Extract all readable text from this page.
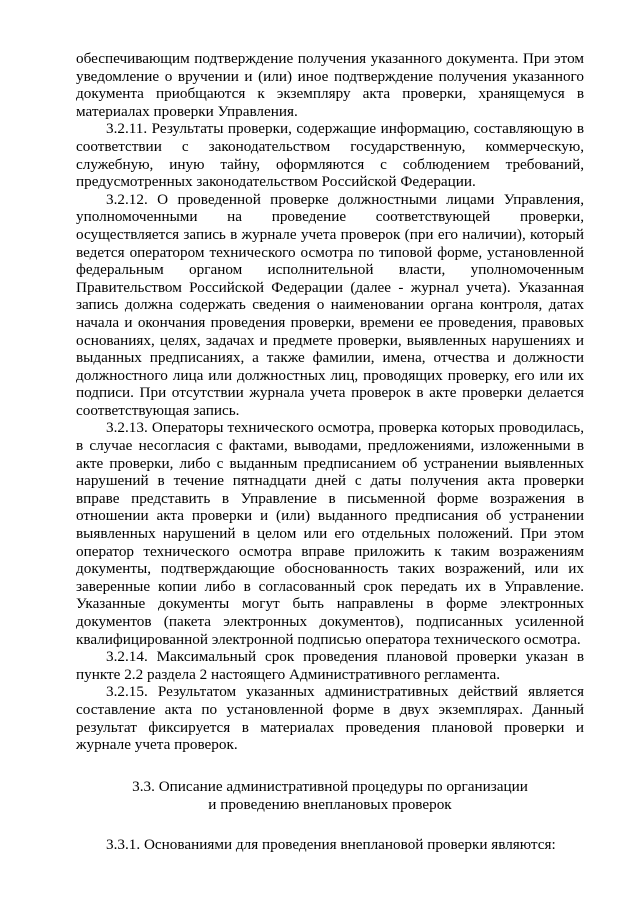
обеспечивающим подтверждение получения указанного документа. При этом уведомление о вручении и (или) иное подтверждение получения указанного документа приобщаются к экземпляру акта проверки, хранящемуся в материалах проверки Управления.

3.2.11. Результаты проверки, содержащие информацию, составляющую в соответствии с законодательством государственную, коммерческую, служебную, иную тайну, оформляются с соблюдением требований, предусмотренных законодательством Российской Федерации.

3.2.12. О проведенной проверке должностными лицами Управления, уполномоченными на проведение соответствующей проверки, осуществляется запись в журнале учета проверок (при его наличии), который ведется оператором технического осмотра по типовой форме, установленной федеральным органом исполнительной власти, уполномоченным Правительством Российской Федерации (далее - журнал учета). Указанная запись должна содержать сведения о наименовании органа контроля, датах начала и окончания проведения проверки, времени ее проведения, правовых основаниях, целях, задачах и предмете проверки, выявленных нарушениях и выданных предписаниях, а также фамилии, имена, отчества и должности должностного лица или должностных лиц, проводящих проверку, его или их подписи. При отсутствии журнала учета проверок в акте проверки делается соответствующая запись.

3.2.13. Операторы технического осмотра, проверка которых проводилась, в случае несогласия с фактами, выводами, предложениями, изложенными в акте проверки, либо с выданным предписанием об устранении выявленных нарушений в течение пятнадцати дней с даты получения акта проверки вправе представить в Управление в письменной форме возражения в отношении акта проверки и (или) выданного предписания об устранении выявленных нарушений в целом или его отдельных положений. При этом оператор технического осмотра вправе приложить к таким возражениям документы, подтверждающие обоснованность таких возражений, или их заверенные копии либо в согласованный срок передать их в Управление. Указанные документы могут быть направлены в форме электронных документов (пакета электронных документов), подписанных усиленной квалифицированной электронной подписью оператора технического осмотра.

3.2.14. Максимальный срок проведения плановой проверки указан в пункте 2.2 раздела 2 настоящего Административного регламента.

3.2.15. Результатом указанных административных действий является составление акта по установленной форме в двух экземплярах. Данный результат фиксируется в материалах проведения плановой проверки и журнале учета проверок.

3.3. Описание административной процедуры по организации
и проведению внеплановых проверок

3.3.1. Основаниями для проведения внеплановой проверки являются:
